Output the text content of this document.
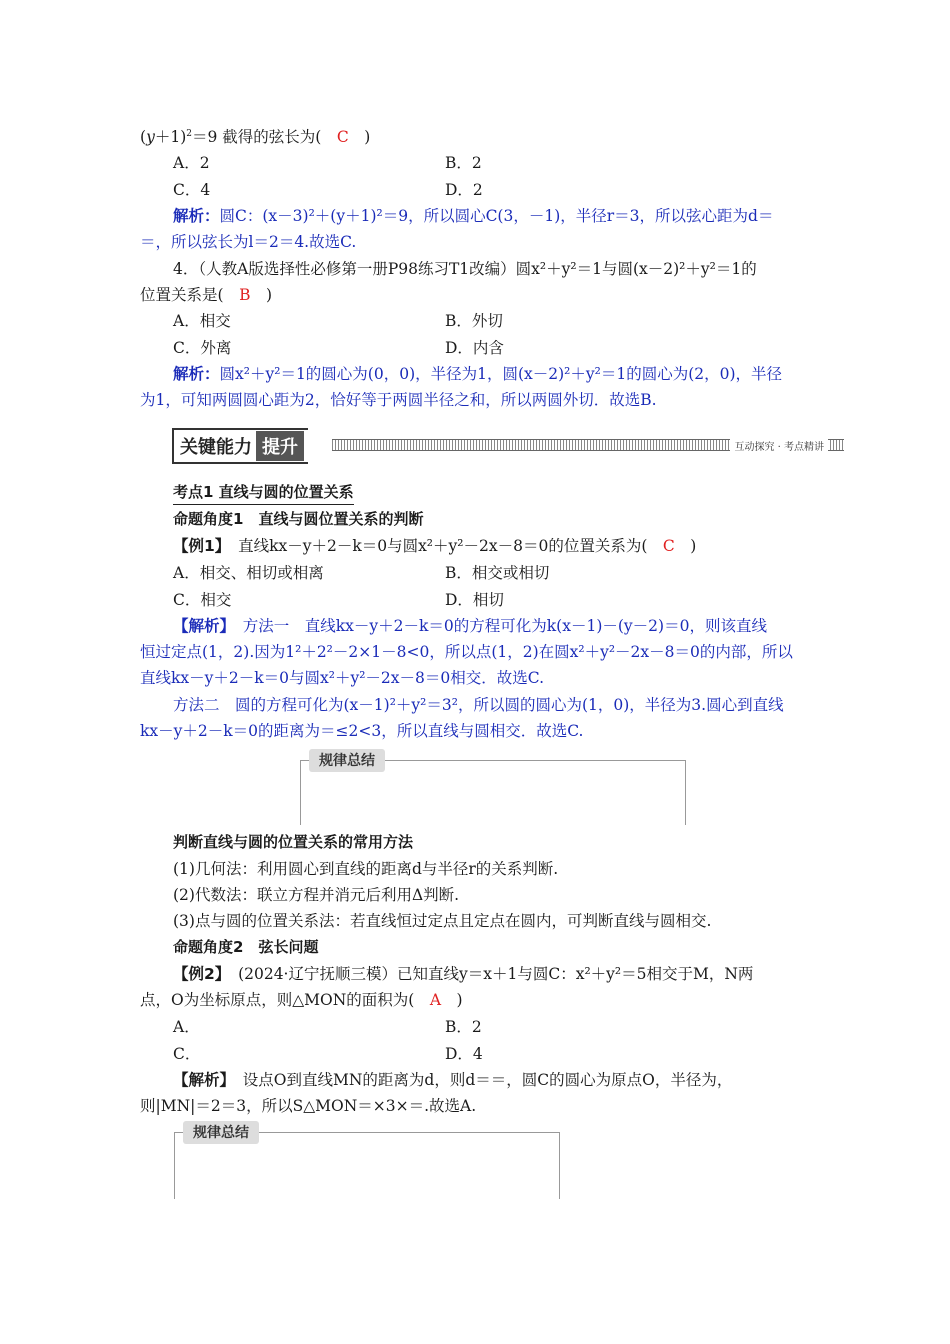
$(y+1)^2=9$ 截得的弦长为(　 C　)
A．2	B．2
C．4	D．2
解析：圆C：(x－3)²＋(y＋1)²＝9，所以圆心C(3，－1)，半径r＝3，所以弦心距为d＝
＝，所以弦长为l＝2＝4.故选C.
4．（人教A版选择性必修第一册P98练习T1改编）圆x²＋y²＝1与圆(x－2)²＋y²＝1的
位置关系是(　 B　)
A．相交	B．外切
C．外离	D．内含
解析：圆x²＋y²＝1的圆心为(0，0)，半径为1，圆(x－2)²＋y²＝1的圆心为(2，0)，半径
为1，可知两圆圆心距为2，恰好等于两圆半径之和，所以两圆外切．故选B.
考点1 直线与圆的位置关系
命题角度1　直线与圆位置关系的判断
【例1】　 直线kx－y＋2－k＝0与圆x²＋y²－2x－8＝0的位置关系为(　 C　)
A．相交、相切或相离	B．相交或相切
C．相交	D．相切
【解析】　 方法一　直线kx－y＋2－k＝0的方程可化为k(x－1)－(y－2)＝0，则该直线
恒过定点(1，2).因为1²＋2²－2×1－8<0，所以点(1，2)在圆x²＋y²－2x－8＝0的内部，所以
直线kx－y＋2－k＝0与圆x²＋y²－2x－8＝0相交．故选C.
方法二　圆的方程可化为(x－1)²＋y²＝3²，所以圆的圆心为(1，0)，半径为3.圆心到直线
kx－y＋2－k＝0的距离为＝≤2<3，所以直线与圆相交．故选C.
规律总结
判断直线与圆的位置关系的常用方法
(1)几何法：利用圆心到直线的距离d与半径r的关系判断.
(2)代数法：联立方程并消元后利用Δ判断.
(3)点与圆的位置关系法：若直线恒过定点且定点在圆内，可判断直线与圆相交.
命题角度2　弦长问题
【例2】　 (2024·辽宁抚顺三模）已知直线y＝x＋1与圆C：x²＋y²＝5相交于M，N两
点，O为坐标原点，则△MON的面积为(　 A　)
A．	B．2
C．	D．4
【解析】　 设点O到直线MN的距离为d，则d＝＝，圆C的圆心为原点O，半径为，
则|MN|＝2＝3，所以S△MON＝×3×＝.故选A.
规律总结
关键能力 提升	互动探究 · 考点精讲
